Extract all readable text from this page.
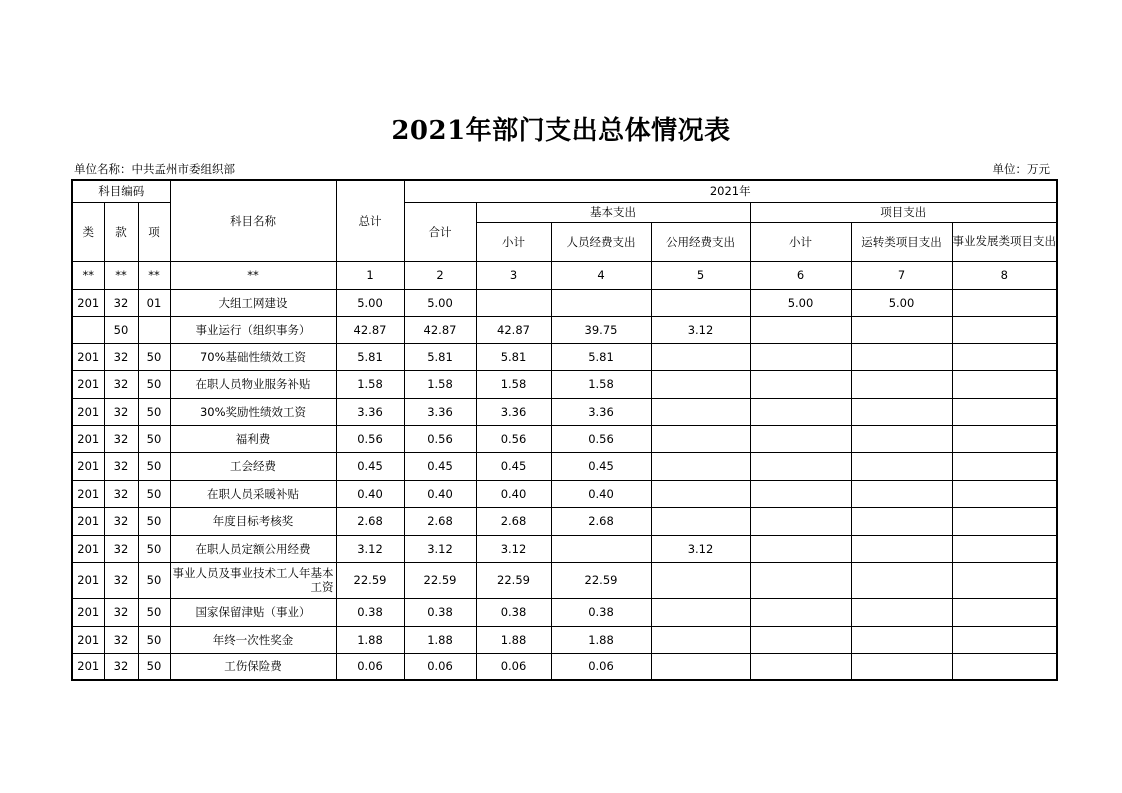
2021年部门支出总体情况表
单位名称：中共孟州市委组织部	单位：万元
科目编码			科目名称	总计	2021年						
类	款	项			合计	基本支出			项目支出		
						小计	人员经费支出	公用经费支出	小计	运转类项目支出	事业发展类项目支出
**	**	**	**	1	2	3	4	5	6	7	8
201	32	01	大组工网建设	5.00	5.00				5.00	5.00	
	50		事业运行（组织事务）	42.87	42.87	42.87	39.75	3.12			
201	32	50	70%基础性绩效工资	5.81	5.81	5.81	5.81				
201	32	50	在职人员物业服务补贴	1.58	1.58	1.58	1.58				
201	32	50	30%奖励性绩效工资	3.36	3.36	3.36	3.36				
201	32	50	福利费	0.56	0.56	0.56	0.56				
201	32	50	工会经费	0.45	0.45	0.45	0.45				
201	32	50	在职人员采暖补贴	0.40	0.40	0.40	0.40				
201	32	50	年度目标考核奖	2.68	2.68	2.68	2.68				
201	32	50	在职人员定额公用经费	3.12	3.12	3.12		3.12			
201	32	50	事业人员及事业技术工人年基本工资	22.59	22.59	22.59	22.59				
201	32	50	国家保留津贴（事业）	0.38	0.38	0.38	0.38				
201	32	50	年终一次性奖金	1.88	1.88	1.88	1.88				
201	32	50	工伤保险费	0.06	0.06	0.06	0.06				
